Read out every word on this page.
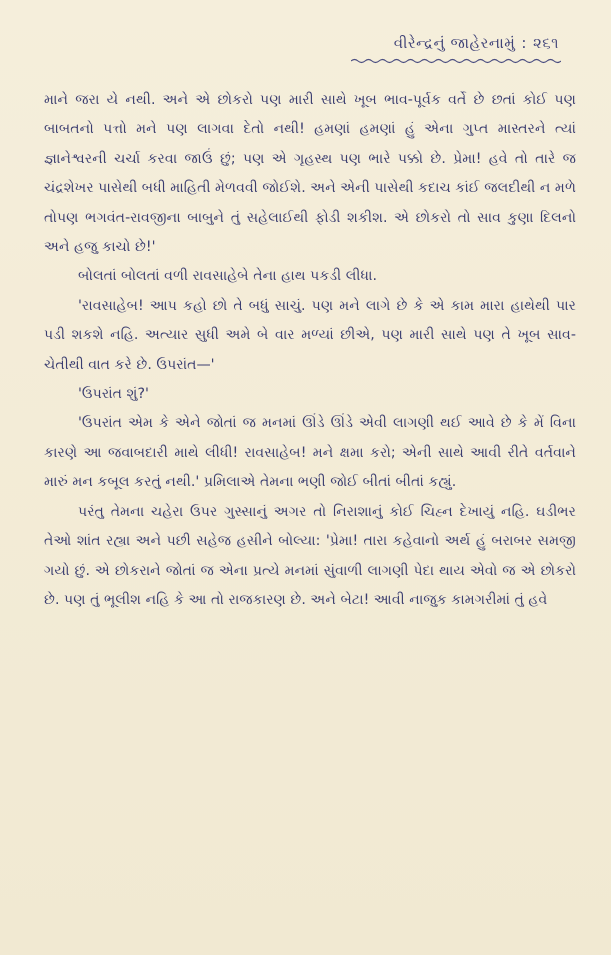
વીરેન્દ્રનું જાહેરનામું : ૨૬૧

માને જરા યે નથી. અને એ છોકરો પણ મારી સાથે ખૂબ ભાવ-પૂર્વક વર્તે છે છતાં કોઈ પણ બાબતનો પત્તો મને પણ લાગવા દેતો નથી! હમણાં હમણાં હું એના ગુપ્ત માસ્તરને ત્યાં જ્ઞાનેશ્વરની ચર્ચા કરવા જાઉં છું; પણ એ ગૃહસ્થ પણ ભારે પક્કો છે. પ્રેમા! હવે તો તારે જ ચંદ્રશેખર પાસેથી બધી માહિતી મેળવવી જોઈશે. અને એની પાસેથી કદાચ કાંઈ જલદીથી ન મળે તોપણ ભગવંત-રાવજીના બાબુને તું સહેલાઈથી ફોડી શકીશ. એ છોકરો તો સાવ કુણા દિલનો અને હજુ કાચો છે!'

બોલતાં બોલતાં વળી રાવસાહેબે તેના હાથ પકડી લીધા.

'રાવસાહેબ! આપ કહો છો તે બધું સાચું. પણ મને લાગે છે કે એ કામ મારા હાથેથી પાર પડી શકશે નહિ. અત્યાર સુધી અમે બે વાર મળ્યાં છીએ, પણ મારી સાથે પણ તે ખૂબ સાવ-ચેતીથી વાત કરે છે. ઉપરાંત—'

'ઉપરાંત શું?'

'ઉપરાંત એમ કે એને જોતાં જ મનમાં ઊંડે ઊંડે એવી લાગણી થઈ આવે છે કે મેં વિના કારણે આ જવાબદારી માથે લીધી! રાવસાહેબ! મને ક્ષમા કરો; એની સાથે આવી રીતે વર્તવાને મારું મન કબૂલ કરતું નથી.' પ્રમિલાએ તેમના ભણી જોઈ બીતાં બીતાં કહ્યું.

પરંતુ તેમના ચહેરા ઉપર ગુસ્સાનું અગર તો નિરાશાનું કોઈ ચિહ્ન દેખાયું નહિ. ઘડીભર તેઓ શાંત રહ્યા અને પછી સહેજ હસીને બોલ્યા: 'પ્રેમા! તારા કહેવાનો અર્થ હું બરાબર સમજી ગયો છું. એ છોકરાને જોતાં જ એના પ્રત્યે મનમાં સુંવાળી લાગણી પેદા થાય એવો જ એ છોકરો છે. પણ તું ભૂલીશ નહિ કે આ તો રાજકારણ છે. અને બેટા! આવી નાજુક કામગરીમાં તું હવે
